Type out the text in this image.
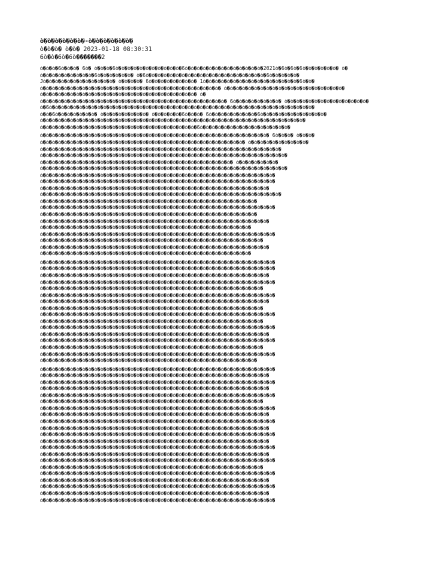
ò�ò�ò�ò�ò�ò�-ò�ò�ò�ò�ò�ò�
ò�ò�ò� ò�ò� 2023-01-18 08:30:31
6ò�ò�6ò�6ò�������2
ò�ò�ò�6ò�ò�ò� 6ò� ò�ò�ò�6ò�ò�ò�ò�ò�ò�ò�ò�ò�ò�ò�6ò�ò�ò�ò�ò�ò�ò�ò�ò�ò�ò�ò�ò�2021ò�6ò�6ò�6ò�ò�ò�ò�ò�ò� ò�
ò�ò�ò�ò�ò�ò�ò�ò�ò�6ò�ò�ò�ò�ò�ò� ò�6ò�ò�ò�ò�ò�ò�ò�ò�ò�ò�ò�ò�ò�ò�ò�ò�ò�ò�ò�ò�6ò�ò�ò�ò�ò�
Jò�ò�ò�ò�ò�ò�ò�ò�ò�ò�ò�ò� ò�ò�ò�ò� 6ò�ò�ò�ò�ò�ò�ò�ò� 1ò�ò�ò�ò�ò�ò�ò�ò�ò�ò�ò�ò�ò�ò�ò�ò�6ò�ò�
ò�ò�ò�ò�ò�ò�ò�ò�ò�ò�ò�ò�ò�ò�ò�ò�ò�ò�ò�ò�ò�ò�ò�ò�ò�ò�ò�ò�ò�ò� ò�ò�ò�ò�ò�ò�ò�ò�ò�ò�ò�ò�ò�ò�ò�ò�ò�ò�ò�ò�
ò�ò�ò�ò�ò�ò�ò�ò�ò�ò�ò�ò�ò�ò�ò�ò�ò�ò�ò�ò�ò�ò�ò�ò�ò�ò� ò�
ò�ò�ò�ò�ò�ò�ò�ò�ò�ò�ò�ò�ò�ò�ò�ò�ò�ò�ò�ò�ò�ò�ò�ò�ò�ò�ò�ò�ò�ò�ò� 6ò�ò�ò�ò�ò�ò�ò�ò� ò�ò�ò�ò�ò�ò�ò�ò�ò�ò�ò�ò�ò�ò�
ò�6ò�ò�ò�ò�ò�ò�ò�ò�ò�ò�ò�ò�ò�ò�ò�ò�ò�ò�ò�ò�ò�ò�ò�ò�ò�ò�ò�ò�ò�ò�ò�ò�ò�ò�ò�ò�ò�ò�ò�ò�ò�ò�ò�ò�
ò�ò�6ò�ò�ò�ò�ò�ò�ò� ò�ò�ò�ò�ò�ò�ò�ò� ò�ò�ò�ò�ò�6ò�ò�ò� 6ò�ò�ò�ò�ò�ò�ò�ò�6ò�ò�ò�ò�ò�ò�ò�ò�ò�ò�ò�
ò�ò�ò�ò�ò�ò�ò�ò�ò�ò�ò�ò�ò�ò�ò�ò�ò�ò�ò�ò�ò�ò�ò�ò�ò�ò�ò�ò�ò�ò�ò�ò�ò�ò�ò�ò�ò�ò�ò�ò�ò�ò�ò�ò�
ò�ò�ò�ò�ò�ò�ò�ò�ò�ò�ò�ò�ò�ò�ò�ò�ò�ò�ò�ò�ò�ò�ò�ò�ò�ò�6ò�ò�ò�ò�ò�ò�ò�ò�ò�ò�ò�ò�ò�ò�ò�
ò�ò�ò�ò�ò�ò�ò�ò�ò�ò�ò�ò�ò�ò�ò�ò�ò�ò�ò�ò�ò�ò�ò�ò�ò�ò�ò�ò�ò�ò�ò�ò�ò�ò�ò�ò�ò�ò� 6ò�ò�ò� ò�ò�ò�
ò�ò�ò�ò�ò�ò�ò�ò�ò�ò�ò�ò�ò�ò�ò�ò�ò�ò�ò�ò�ò�ò�ò�ò�ò�ò�ò�ò�ò�ò�ò�ò�ò�ò� ò�ò�ò�ò�ò�ò�ò�ò�ò�ò�
ò�ò�ò�ò�ò�ò�ò�ò�ò�ò�ò�ò�ò�ò�ò�ò�ò�ò�ò�ò�ò�ò�ò�ò�ò�ò�ò�ò�ò�ò�ò�ò�ò�ò�ò�ò�ò�ò�ò�ò�
ò�ò�ò�ò�ò�ò�ò�ò�ò�ò�ò�ò�ò�ò�ò�ò�ò�ò�ò�ò�ò�ò�ò�ò�ò�ò�ò�ò�ò�ò�ò�ò�ò�ò�ò�ò�ò�ò�ò�ò�ò�
ò�ò�ò�ò�ò�ò�ò�ò�ò�ò�ò�ò�ò�ò�ò�ò�ò�ò�ò�ò�ò�ò�ò�ò�ò�ò�ò�ò�ò�ò�ò�ò� ò�ò�ò�ò�ò�ò�ò�
ò�ò�ò�ò�ò�ò�ò�ò�ò�ò�ò�ò�ò�ò�ò�ò�ò�ò�ò�ò�ò�ò�ò�ò�ò�ò�ò�ò�ò�ò�ò�ò�ò�ò�ò�ò�ò�ò�ò�ò�ò�
ò�ò�ò�ò�ò�ò�ò�ò�ò�ò�ò�ò�ò�ò�ò�ò�ò�ò�ò�ò�ò�ò�ò�ò�ò�ò�ò�ò�ò�ò�ò�ò�ò�ò�ò�ò�ò�ò�ò�
ò�ò�ò�ò�ò�ò�ò�ò�ò�ò�ò�ò�ò�ò�ò�ò�ò�ò�ò�ò�ò�ò�ò�ò�ò�ò�ò�ò�ò�ò�ò�ò�ò�ò�ò�ò�ò�ò�ò�
ò�ò�ò�ò�ò�ò�ò�ò�ò�ò�ò�ò�ò�ò�ò�ò�ò�ò�ò�ò�ò�ò�ò�ò�ò�ò�ò�ò�ò�ò�ò�ò�ò�ò�ò�ò�ò�ò�
ò�ò�ò�ò�ò�ò�ò�ò�ò�ò�ò�ò�ò�ò�ò�ò�ò�ò�ò�ò�ò�ò�ò�ò�ò�ò�ò�ò�ò�ò�ò�ò�ò�ò�ò�ò�ò�ò�ò�ò�
ò�ò�ò�ò�ò�ò�ò�ò�ò�ò�ò�ò�ò�ò�ò�ò�ò�ò�ò�ò�ò�ò�ò�ò�ò�ò�ò�ò�ò�ò�ò�ò�ò�ò�ò�ò�
ò�ò�ò�ò�ò�ò�ò�ò�ò�ò�ò�ò�ò�ò�ò�ò�ò�ò�ò�ò�ò�ò�ò�ò�ò�ò�ò�ò�ò�ò�ò�ò�ò�ò�ò�ò�ò�ò�ò�
ò�ò�ò�ò�ò�ò�ò�ò�ò�ò�ò�ò�ò�ò�ò�ò�ò�ò�ò�ò�ò�ò�ò�ò�ò�ò�ò�ò�ò�ò�ò�ò�ò�ò�ò�ò�
ò�ò�ò�ò�ò�ò�ò�ò�ò�ò�ò�ò�ò�ò�ò�ò�ò�ò�ò�ò�ò�ò�ò�ò�ò�ò�ò�ò�ò�ò�ò�ò�ò�ò�ò�ò�ò�ò�
ò�ò�ò�ò�ò�ò�ò�ò�ò�ò�ò�ò�ò�ò�ò�ò�ò�ò�ò�ò�ò�ò�ò�ò�ò�ò�ò�ò�ò�ò�ò�ò�ò�ò�ò�
ò�ò�ò�ò�ò�ò�ò�ò�ò�ò�ò�ò�ò�ò�ò�ò�ò�ò�ò�ò�ò�ò�ò�ò�ò�ò�ò�ò�ò�ò�ò�ò�ò�ò�ò�ò�ò�ò�ò�
ò�ò�ò�ò�ò�ò�ò�ò�ò�ò�ò�ò�ò�ò�ò�ò�ò�ò�ò�ò�ò�ò�ò�ò�ò�ò�ò�ò�ò�ò�ò�ò�ò�ò�ò�ò�ò�
ò�ò�ò�ò�ò�ò�ò�ò�ò�ò�ò�ò�ò�ò�ò�ò�ò�ò�ò�ò�ò�ò�ò�ò�ò�ò�ò�ò�ò�ò�ò�ò�ò�ò�ò�ò�ò�ò�
ò�ò�ò�ò�ò�ò�ò�ò�ò�ò�ò�ò�ò�ò�ò�ò�ò�ò�ò�ò�ò�ò�ò�ò�ò�ò�ò�ò�ò�ò�ò�ò�ò�ò�ò�
ò�ò�ò�ò�ò�ò�ò�ò�ò�ò�ò�ò�ò�ò�ò�ò�ò�ò�ò�ò�ò�ò�ò�ò�ò�ò�ò�ò�ò�ò�ò�ò�ò�ò�ò�ò�ò�ò�ò�
ò�ò�ò�ò�ò�ò�ò�ò�ò�ò�ò�ò�ò�ò�ò�ò�ò�ò�ò�ò�ò�ò�ò�ò�ò�ò�ò�ò�ò�ò�ò�ò�ò�ò�ò�ò�ò�ò�ò�
ò�ò�ò�ò�ò�ò�ò�ò�ò�ò�ò�ò�ò�ò�ò�ò�ò�ò�ò�ò�ò�ò�ò�ò�ò�ò�ò�ò�ò�ò�ò�ò�ò�ò�ò�ò�ò�ò�
ò�ò�ò�ò�ò�ò�ò�ò�ò�ò�ò�ò�ò�ò�ò�ò�ò�ò�ò�ò�ò�ò�ò�ò�ò�ò�ò�ò�ò�ò�ò�ò�ò�ò�ò�ò�ò�ò�ò�
ò�ò�ò�ò�ò�ò�ò�ò�ò�ò�ò�ò�ò�ò�ò�ò�ò�ò�ò�ò�ò�ò�ò�ò�ò�ò�ò�ò�ò�ò�ò�ò�ò�ò�ò�ò�ò�
ò�ò�ò�ò�ò�ò�ò�ò�ò�ò�ò�ò�ò�ò�ò�ò�ò�ò�ò�ò�ò�ò�ò�ò�ò�ò�ò�ò�ò�ò�ò�ò�ò�ò�ò�ò�ò�ò�ò�
ò�ò�ò�ò�ò�ò�ò�ò�ò�ò�ò�ò�ò�ò�ò�ò�ò�ò�ò�ò�ò�ò�ò�ò�ò�ò�ò�ò�ò�ò�ò�ò�ò�ò�ò�ò�ò�ò�
ò�ò�ò�ò�ò�ò�ò�ò�ò�ò�ò�ò�ò�ò�ò�ò�ò�ò�ò�ò�ò�ò�ò�ò�ò�ò�ò�ò�ò�ò�ò�ò�ò�ò�ò�ò�ò�
ò�ò�ò�ò�ò�ò�ò�ò�ò�ò�ò�ò�ò�ò�ò�ò�ò�ò�ò�ò�ò�ò�ò�ò�ò�ò�ò�ò�ò�ò�ò�ò�ò�ò�ò�ò�ò�ò�ò�
ò�ò�ò�ò�ò�ò�ò�ò�ò�ò�ò�ò�ò�ò�ò�ò�ò�ò�ò�ò�ò�ò�ò�ò�ò�ò�ò�ò�ò�ò�ò�ò�ò�ò�ò�ò�ò�
ò�ò�ò�ò�ò�ò�ò�ò�ò�ò�ò�ò�ò�ò�ò�ò�ò�ò�ò�ò�ò�ò�ò�ò�ò�ò�ò�ò�ò�ò�ò�ò�ò�ò�ò�ò�ò�ò�ò�
ò�ò�ò�ò�ò�ò�ò�ò�ò�ò�ò�ò�ò�ò�ò�ò�ò�ò�ò�ò�ò�ò�ò�ò�ò�ò�ò�ò�ò�ò�ò�ò�ò�ò�ò�ò�ò�ò�
ò�ò�ò�ò�ò�ò�ò�ò�ò�ò�ò�ò�ò�ò�ò�ò�ò�ò�ò�ò�ò�ò�ò�ò�ò�ò�ò�ò�ò�ò�ò�ò�ò�ò�ò�ò�ò�ò�ò�
ò�ò�ò�ò�ò�ò�ò�ò�ò�ò�ò�ò�ò�ò�ò�ò�ò�ò�ò�ò�ò�ò�ò�ò�ò�ò�ò�ò�ò�ò�ò�ò�ò�ò�ò�ò�ò�
ò�ò�ò�ò�ò�ò�ò�ò�ò�ò�ò�ò�ò�ò�ò�ò�ò�ò�ò�ò�ò�ò�ò�ò�ò�ò�ò�ò�ò�ò�ò�ò�ò�ò�ò�ò�ò�ò�ò�
ò�ò�ò�ò�ò�ò�ò�ò�ò�ò�ò�ò�ò�ò�ò�ò�ò�ò�ò�ò�ò�ò�ò�ò�ò�ò�ò�ò�ò�ò�ò�ò�ò�ò�ò�ò�
ò�ò�ò�ò�ò�ò�ò�ò�ò�ò�ò�ò�ò�ò�ò�ò�ò�ò�ò�ò�ò�ò�ò�ò�ò�ò�ò�ò�ò�ò�ò�ò�ò�ò�ò�ò�ò�ò�ò�
ò�ò�ò�ò�ò�ò�ò�ò�ò�ò�ò�ò�ò�ò�ò�ò�ò�ò�ò�ò�ò�ò�ò�ò�ò�ò�ò�ò�ò�ò�ò�ò�ò�ò�ò�ò�ò�ò�
ò�ò�ò�ò�ò�ò�ò�ò�ò�ò�ò�ò�ò�ò�ò�ò�ò�ò�ò�ò�ò�ò�ò�ò�ò�ò�ò�ò�ò�ò�ò�ò�ò�ò�ò�ò�ò�ò�ò�
ò�ò�ò�ò�ò�ò�ò�ò�ò�ò�ò�ò�ò�ò�ò�ò�ò�ò�ò�ò�ò�ò�ò�ò�ò�ò�ò�ò�ò�ò�ò�ò�ò�ò�ò�ò�ò�ò�
ò�ò�ò�ò�ò�ò�ò�ò�ò�ò�ò�ò�ò�ò�ò�ò�ò�ò�ò�ò�ò�ò�ò�ò�ò�ò�ò�ò�ò�ò�ò�ò�ò�ò�ò�ò�ò�ò�ò�
ò�ò�ò�ò�ò�ò�ò�ò�ò�ò�ò�ò�ò�ò�ò�ò�ò�ò�ò�ò�ò�ò�ò�ò�ò�ò�ò�ò�ò�ò�ò�ò�ò�ò�ò�ò�ò�
ò�ò�ò�ò�ò�ò�ò�ò�ò�ò�ò�ò�ò�ò�ò�ò�ò�ò�ò�ò�ò�ò�ò�ò�ò�ò�ò�ò�ò�ò�ò�ò�ò�ò�ò�ò�ò�ò�ò�
ò�ò�ò�ò�ò�ò�ò�ò�ò�ò�ò�ò�ò�ò�ò�ò�ò�ò�ò�ò�ò�ò�ò�ò�ò�ò�ò�ò�ò�ò�ò�ò�ò�ò�ò�ò�ò�ò�
ò�ò�ò�ò�ò�ò�ò�ò�ò�ò�ò�ò�ò�ò�ò�ò�ò�ò�ò�ò�ò�ò�ò�ò�ò�ò�ò�ò�ò�ò�ò�ò�ò�ò�ò�ò�ò�ò�ò�
ò�ò�ò�ò�ò�ò�ò�ò�ò�ò�ò�ò�ò�ò�ò�ò�ò�ò�ò�ò�ò�ò�ò�ò�ò�ò�ò�ò�ò�ò�ò�ò�ò�ò�ò�ò�ò�ò�
ò�ò�ò�ò�ò�ò�ò�ò�ò�ò�ò�ò�ò�ò�ò�ò�ò�ò�ò�ò�ò�ò�ò�ò�ò�ò�ò�ò�ò�ò�ò�ò�ò�ò�ò�ò�ò�ò�ò�
ò�ò�ò�ò�ò�ò�ò�ò�ò�ò�ò�ò�ò�ò�ò�ò�ò�ò�ò�ò�ò�ò�ò�ò�ò�ò�ò�ò�ò�ò�ò�ò�ò�ò�ò�ò�ò�ò�
ò�ò�ò�ò�ò�ò�ò�ò�ò�ò�ò�ò�ò�ò�ò�ò�ò�ò�ò�ò�ò�ò�ò�ò�ò�ò�ò�ò�ò�ò�ò�ò�ò�ò�ò�ò�ò�ò�ò�
ò�ò�ò�ò�ò�ò�ò�ò�ò�ò�ò�ò�ò�ò�ò�ò�ò�ò�ò�ò�ò�ò�ò�ò�ò�ò�ò�ò�ò�ò�ò�ò�ò�ò�ò�ò�ò�ò�
ò�ò�ò�ò�ò�ò�ò�ò�ò�ò�ò�ò�ò�ò�ò�ò�ò�ò�ò�ò�ò�ò�ò�ò�ò�ò�ò�ò�ò�ò�ò�ò�ò�ò�ò�ò�ò�ò�ò�
ò�ò�ò�ò�ò�ò�ò�ò�ò�ò�ò�ò�ò�ò�ò�ò�ò�ò�ò�ò�ò�ò�ò�ò�ò�ò�ò�ò�ò�ò�ò�ò�ò�ò�ò�ò�ò�
ò�ò�ò�ò�ò�ò�ò�ò�ò�ò�ò�ò�ò�ò�ò�ò�ò�ò�ò�ò�ò�ò�ò�ò�ò�ò�ò�ò�ò�ò�ò�ò�ò�ò�ò�ò�ò�ò�ò�
ò�ò�ò�ò�ò�ò�ò�ò�ò�ò�ò�ò�ò�ò�ò�ò�ò�ò�ò�ò�ò�ò�ò�ò�ò�ò�ò�ò�ò�ò�ò�ò�ò�ò�ò�ò�ò�ò�
ò�ò�ò�ò�ò�ò�ò�ò�ò�ò�ò�ò�ò�ò�ò�ò�ò�ò�ò�ò�ò�ò�ò�ò�ò�ò�ò�ò�ò�ò�ò�ò�ò�ò�ò�ò�ò�ò�ò�
ò�ò�ò�ò�ò�ò�ò�ò�ò�ò�ò�ò�ò�ò�ò�ò�ò�ò�ò�ò�ò�ò�ò�ò�ò�ò�ò�ò�ò�ò�ò�ò�ò�ò�ò�ò�ò�ò�
ò�ò�ò�ò�ò�ò�ò�ò�ò�ò�ò�ò�ò�ò�ò�ò�ò�ò�ò�ò�ò�ò�ò�ò�ò�ò�ò�ò�ò�ò�ò�ò�ò�ò�ò�ò�ò�ò�ò�
